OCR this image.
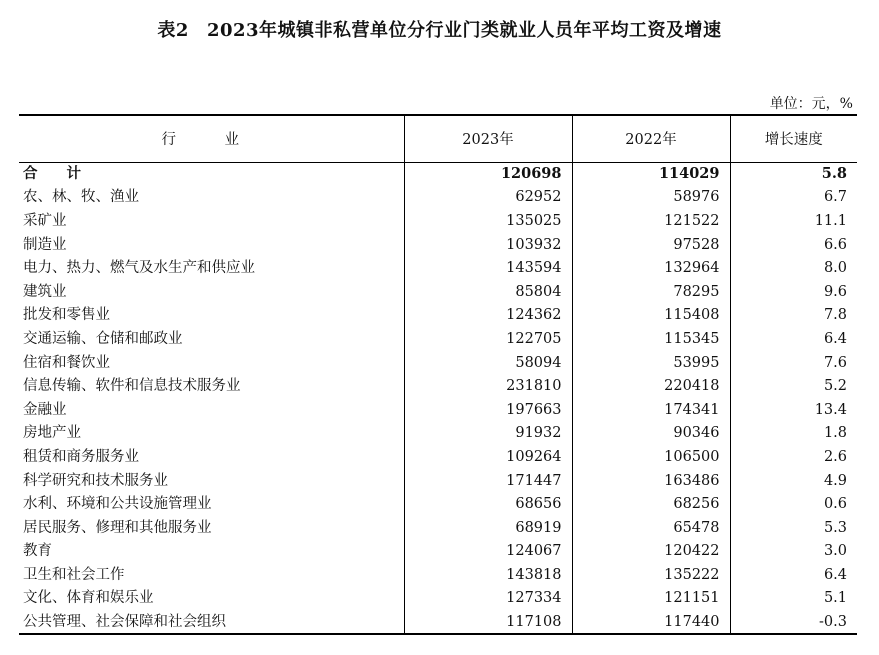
表2 2023年城镇非私营单位分行业门类就业人员年平均工资及增速
单位：元，%
行 业	2023年	2022年	增长速度
合 计	120698	114029	5.8
农、林、牧、渔业	62952	58976	6.7
采矿业	135025	121522	11.1
制造业	103932	97528	6.6
电力、热力、燃气及水生产和供应业	143594	132964	8.0
建筑业	85804	78295	9.6
批发和零售业	124362	115408	7.8
交通运输、仓储和邮政业	122705	115345	6.4
住宿和餐饮业	58094	53995	7.6
信息传输、软件和信息技术服务业	231810	220418	5.2
金融业	197663	174341	13.4
房地产业	91932	90346	1.8
租赁和商务服务业	109264	106500	2.6
科学研究和技术服务业	171447	163486	4.9
水利、环境和公共设施管理业	68656	68256	0.6
居民服务、修理和其他服务业	68919	65478	5.3
教育	124067	120422	3.0
卫生和社会工作	143818	135222	6.4
文化、体育和娱乐业	127334	121151	5.1
公共管理、社会保障和社会组织	117108	117440	-0.3
